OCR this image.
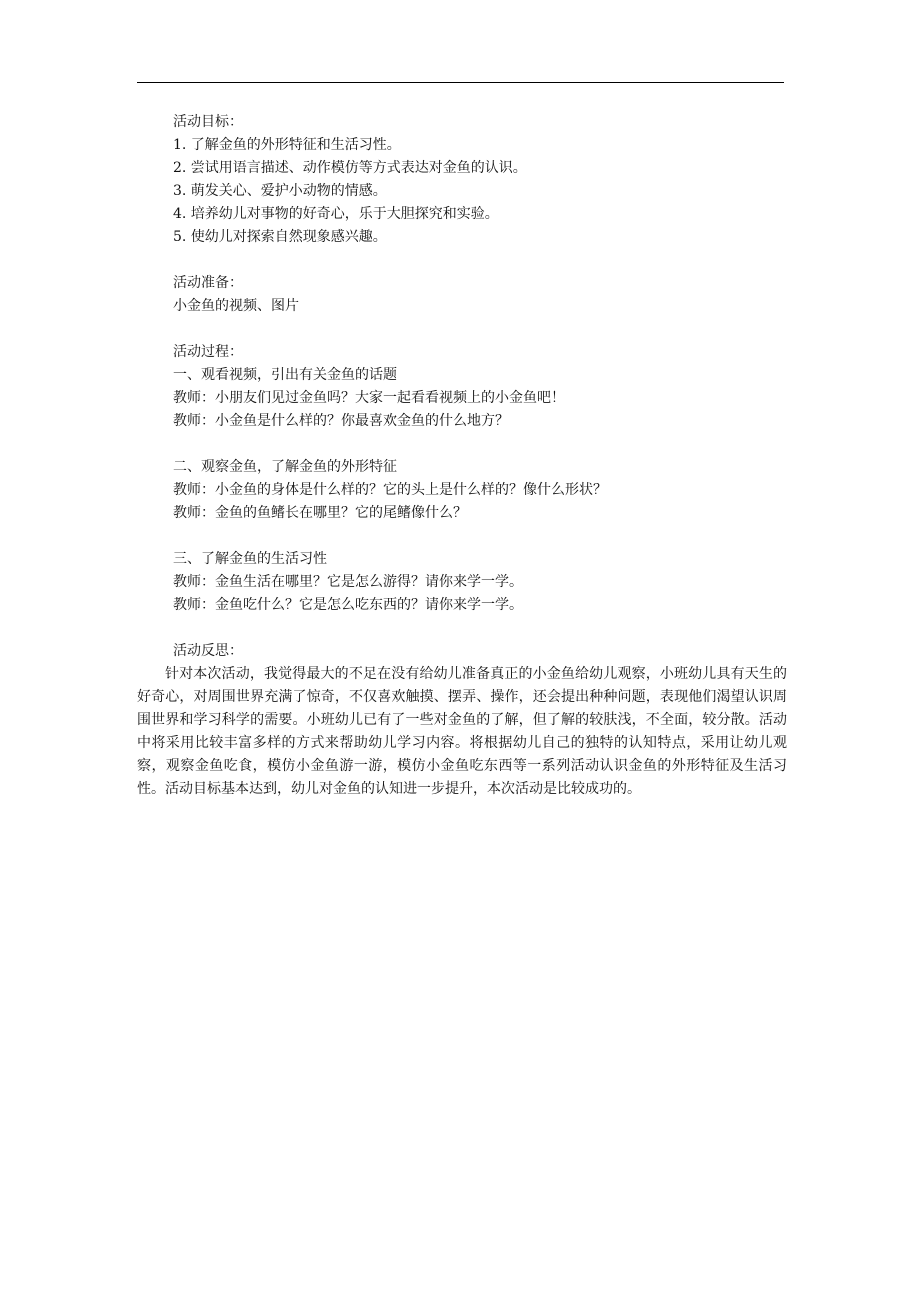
活动目标：
1. 了解金鱼的外形特征和生活习性。
2. 尝试用语言描述、动作模仿等方式表达对金鱼的认识。
3. 萌发关心、爱护小动物的情感。
4. 培养幼儿对事物的好奇心，乐于大胆探究和实验。
5. 使幼儿对探索自然现象感兴趣。
活动准备：
小金鱼的视频、图片
活动过程：
一、观看视频，引出有关金鱼的话题
教师：小朋友们见过金鱼吗？大家一起看看视频上的小金鱼吧！
教师：小金鱼是什么样的？你最喜欢金鱼的什么地方？
二、观察金鱼，了解金鱼的外形特征
教师：小金鱼的身体是什么样的？它的头上是什么样的？像什么形状？
教师：金鱼的鱼鳍长在哪里？它的尾鳍像什么？
三、了解金鱼的生活习性
教师：金鱼生活在哪里？它是怎么游得？请你来学一学。
教师：金鱼吃什么？它是怎么吃东西的？请你来学一学。
活动反思：

针对本次活动，我觉得最大的不足在没有给幼儿准备真正的小金鱼给幼儿观察，小班幼儿具有天生的好奇心，对周围世界充满了惊奇，不仅喜欢触摸、摆弄、操作，还会提出种种问题，表现他们渴望认识周围世界和学习科学的需要。小班幼儿已有了一些对金鱼的了解，但了解的较肤浅，不全面，较分散。活动中将采用比较丰富多样的方式来帮助幼儿学习内容。将根据幼儿自己的独特的认知特点，采用让幼儿观察，观察金鱼吃食，模仿小金鱼游一游，模仿小金鱼吃东西等一系列活动认识金鱼的外形特征及生活习性。活动目标基本达到，幼儿对金鱼的认知进一步提升，本次活动是比较成功的。
